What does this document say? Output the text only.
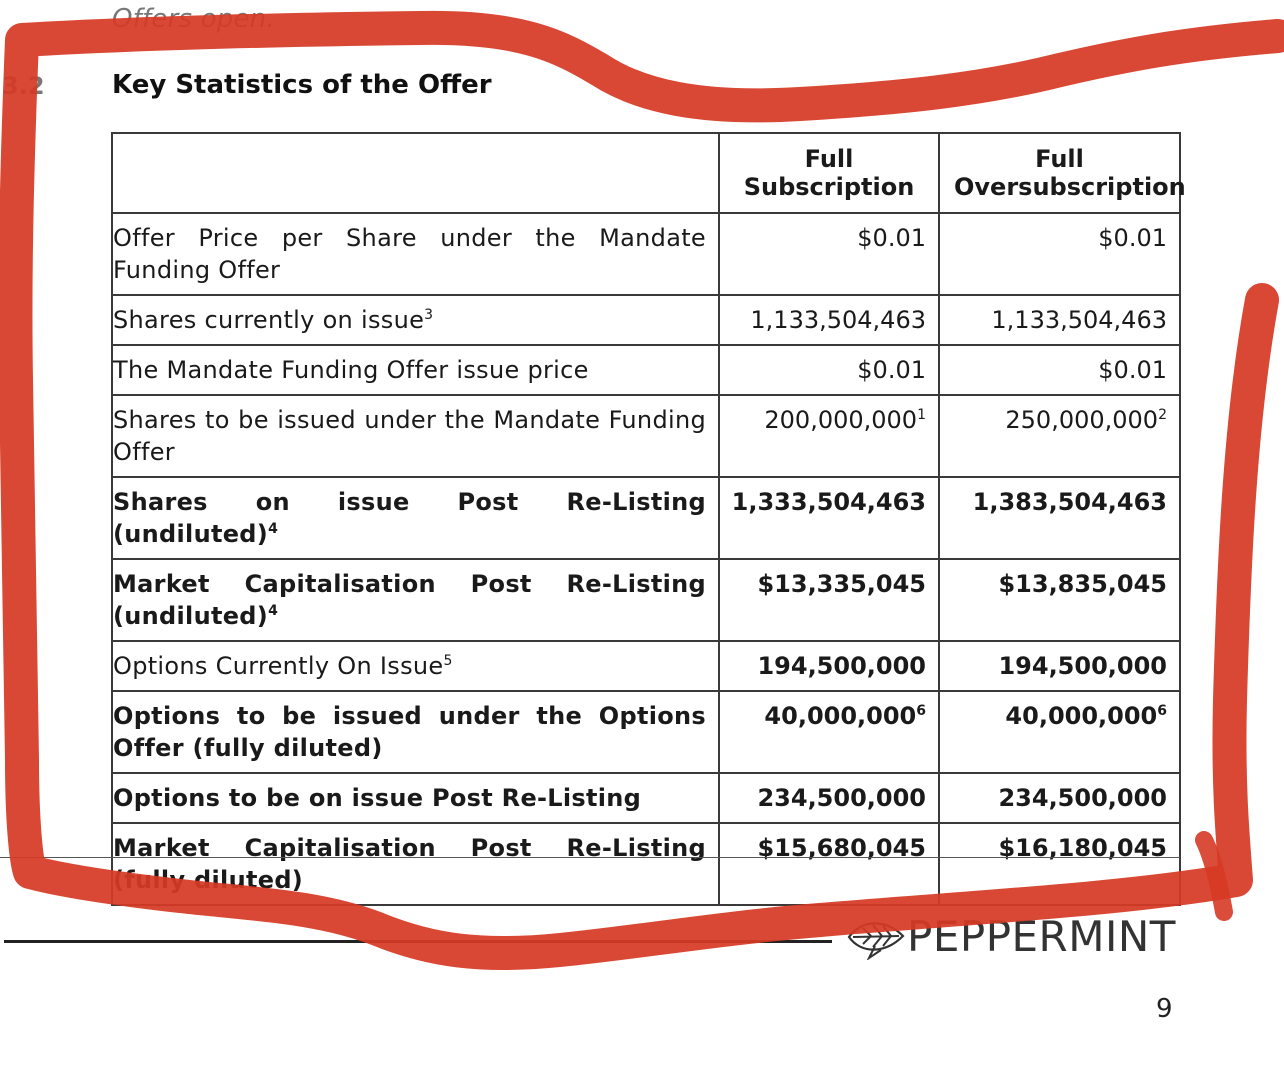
Offers open.
3.2	Key Statistics of the Offer
	Full Subscription	Full Oversubscription
Offer Price per Share under the Mandate Funding Offer	$0.01	$0.01
Shares currently on issue$^3$	1,133,504,463	1,133,504,463
The Mandate Funding Offer issue price	$0.01	$0.01
Shares to be issued under the Mandate Funding Offer	200,000,000$^1$	250,000,000$^2$
Shares on issue Post Re-Listing (undiluted)$^4$	1,333,504,463	1,383,504,463
Market Capitalisation Post Re-Listing (undiluted)$^4$	$13,335,045	$13,835,045
Options Currently On Issue$^5$	194,500,000	194,500,000
Options to be issued under the Options Offer (fully diluted)	40,000,000$^6$	40,000,000$^6$
Options to be on issue Post Re-Listing	234,500,000	234,500,000
Market Capitalisation Post Re-Listing (fully diluted)	$15,680,045	$16,180,045
PEPPERMINT
9
